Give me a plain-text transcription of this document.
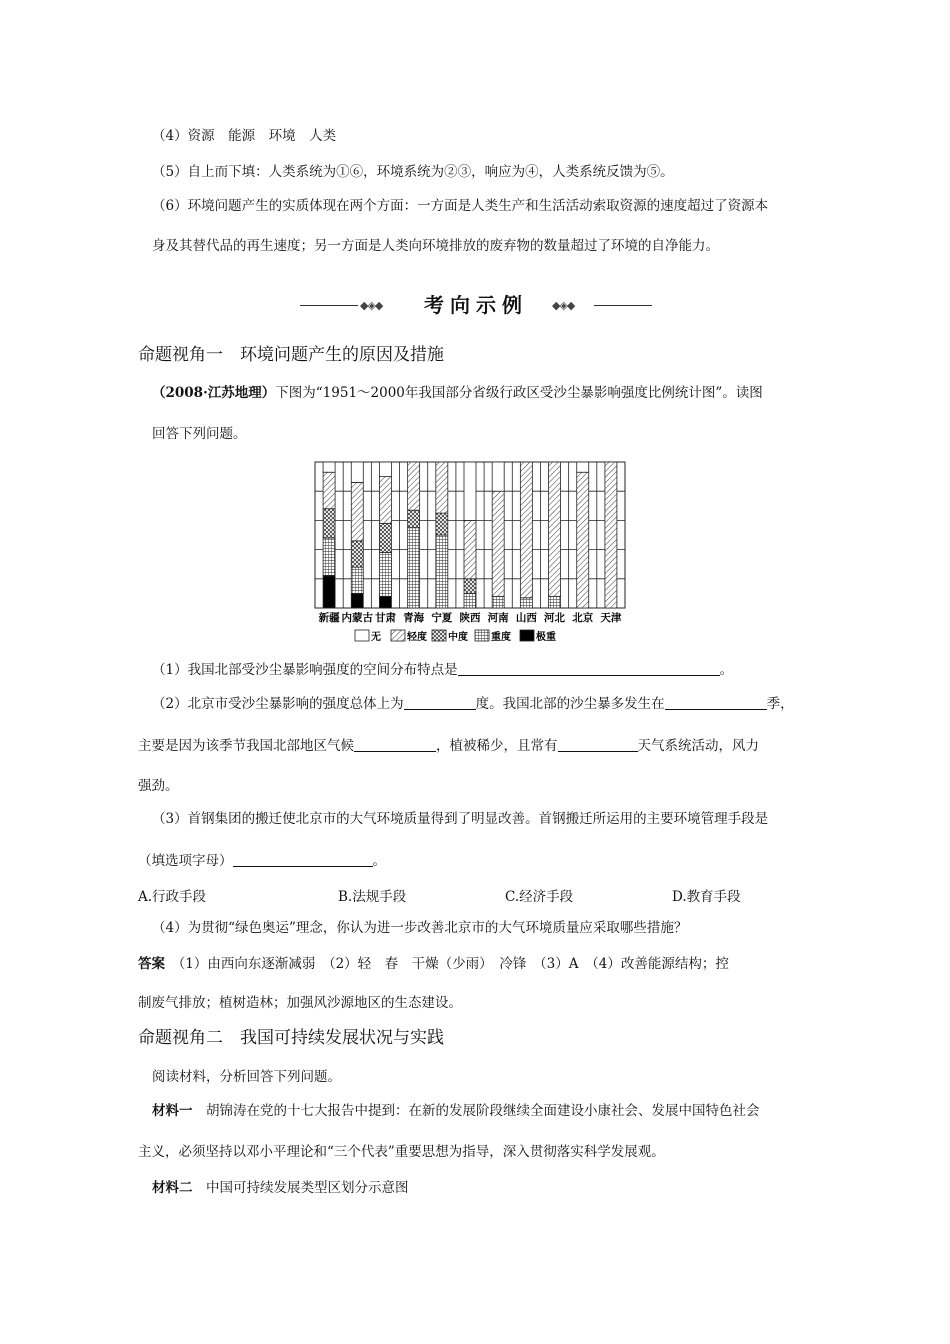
（4）资源　能源　环境　人类
（5）自上而下填：人类系统为①⑥，环境系统为②③，响应为④，人类系统反馈为⑤。
（6）环境问题产生的实质体现在两个方面：一方面是人类生产和生活活动索取资源的速度超过了资源本
身及其替代品的再生速度；另一方面是人类向环境排放的废弃物的数量超过了环境的自净能力。
◆◈◆	考向示例	◆◈◆
命题视角一　环境问题产生的原因及措施
（2008·江苏地理）下图为“1951～2000年我国部分省级行政区受沙尘暴影响强度比例统计图”。读图
回答下列问题。
新疆 内蒙古 甘肃 青海 宁夏 陕西 河南 山西 河北 北京 天津
无	轻度 中度 重度	极重
（1）我国北部受沙尘暴影响强度的空间分布特点是	。
（2）北京市受沙尘暴影响的强度总体上为	度。我国北部的沙尘暴多发生在	季，
主要是因为该季节我国北部地区气候	，植被稀少，且常有	天气系统活动，风力
强劲。
（3）首钢集团的搬迁使北京市的大气环境质量得到了明显改善。首钢搬迁所运用的主要环境管理手段是
（填选项字母）	。
A.行政手段	B.法规手段	C.经济手段	D.教育手段
（4）为贯彻“绿色奥运”理念，你认为进一步改善北京市的大气环境质量应采取哪些措施？
答案　 （1）由西向东逐渐减弱　（2）轻　春　干燥（少雨）　冷锋　（3）A　（4）改善能源结构；控
制废气排放；植树造林；加强风沙源地区的生态建设。
命题视角二　我国可持续发展状况与实践
阅读材料，分析回答下列问题。
材料一　 胡锦涛在党的十七大报告中提到：在新的发展阶段继续全面建设小康社会、发展中国特色社会
主义，必须坚持以邓小平理论和“三个代表”重要思想为指导，深入贯彻落实科学发展观。
材料二　 中国可持续发展类型区划分示意图
